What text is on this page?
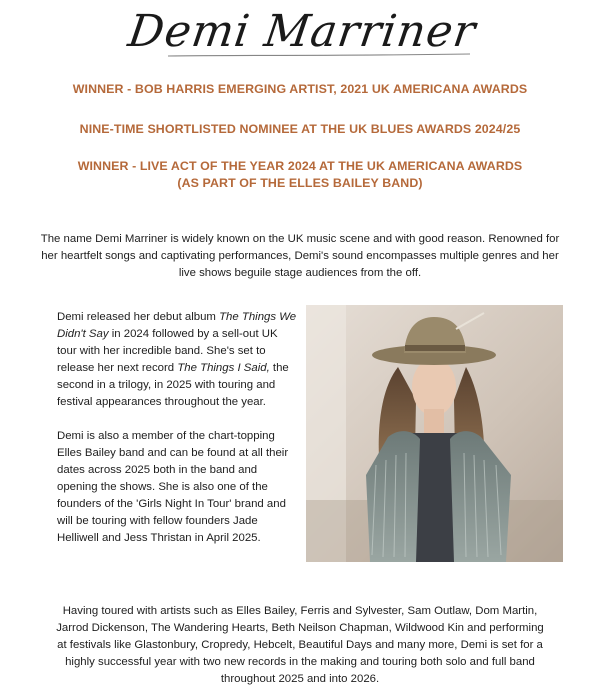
Demi Marriner
WINNER - BOB HARRIS EMERGING ARTIST, 2021 UK AMERICANA AWARDS
NINE-TIME SHORTLISTED NOMINEE AT THE UK BLUES AWARDS 2024/25
WINNER - LIVE ACT OF THE YEAR 2024 AT THE UK AMERICANA AWARDS
(AS PART OF THE ELLES BAILEY BAND)
The name Demi Marriner is widely known on the UK music scene and with good reason. Renowned for her heartfelt songs and captivating performances, Demi's sound encompasses multiple genres and her live shows beguile stage audiences from the off.

Demi released her debut album The Things We Didn't Say in 2024 followed by a sell-out UK tour with her incredible band. She's set to release her next record The Things I Said, the second in a trilogy, in 2025 with touring and festival appearances throughout the year.

Demi is also a member of the chart-topping Elles Bailey band and can be found at all their dates across 2025 both in the band and opening the shows. She is also one of the founders of the 'Girls Night In Tour' brand and will be touring with fellow founders Jade Helliwell and Jess Thristan in April 2025.

Having toured with artists such as Elles Bailey, Ferris and Sylvester, Sam Outlaw, Dom Martin, Jarrod Dickenson, The Wandering Hearts, Beth Neilson Chapman, Wildwood Kin and performing at festivals like Glastonbury, Cropredy, Hebcelt, Beautiful Days and many more, Demi is set for a highly successful year with two new records in the making and touring both solo and full band throughout 2025 and into 2026.
